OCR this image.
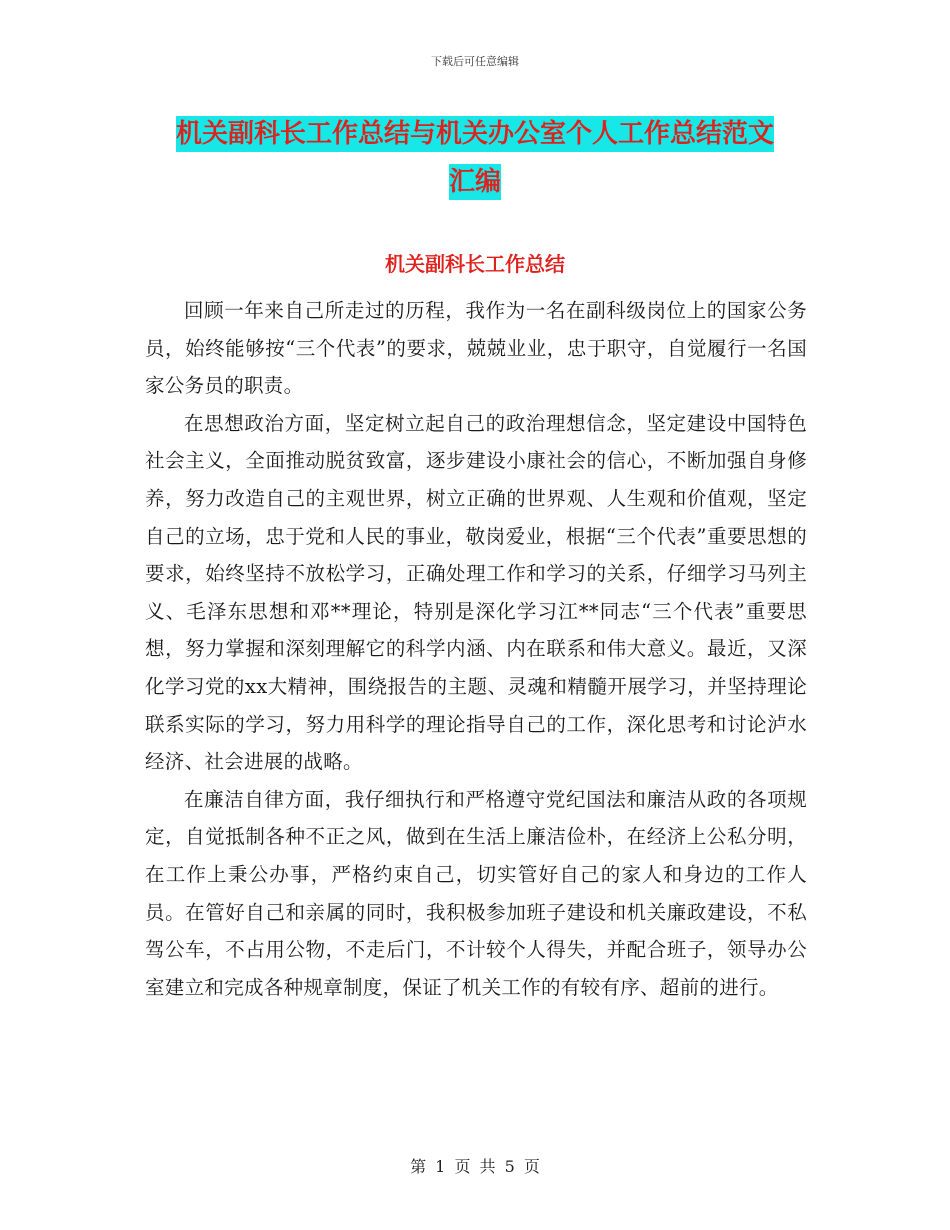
下载后可任意编辑
机关副科长工作总结与机关办公室个人工作总结范文
汇编
机关副科长工作总结

回顾一年来自己所走过的历程，我作为一名在副科级岗位上的国家公务员，始终能够按“三个代表”的要求，兢兢业业，忠于职守，自觉履行一名国家公务员的职责。

在思想政治方面，坚定树立起自己的政治理想信念，坚定建设中国特色社会主义，全面推动脱贫致富，逐步建设小康社会的信心，不断加强自身修养，努力改造自己的主观世界，树立正确的世界观、人生观和价值观，坚定自己的立场，忠于党和人民的事业，敬岗爱业，根据“三个代表”重要思想的要求，始终坚持不放松学习，正确处理工作和学习的关系，仔细学习马列主义、毛泽东思想和邓**理论，特别是深化学习江**同志“三个代表”重要思想，努力掌握和深刻理解它的科学内涵、内在联系和伟大意义。最近，又深化学习党的xx大精神，围绕报告的主题、灵魂和精髓开展学习，并坚持理论联系实际的学习，努力用科学的理论指导自己的工作，深化思考和讨论泸水经济、社会进展的战略。

在廉洁自律方面，我仔细执行和严格遵守党纪国法和廉洁从政的各项规定，自觉抵制各种不正之风，做到在生活上廉洁俭朴，在经济上公私分明，在工作上秉公办事，严格约束自己，切实管好自己的家人和身边的工作人员。在管好自己和亲属的同时，我积极参加班子建设和机关廉政建设，不私驾公车，不占用公物，不走后门，不计较个人得失，并配合班子，领导办公室建立和完成各种规章制度，保证了机关工作的有较有序、超前的进行。

第 1 页 共 5 页
